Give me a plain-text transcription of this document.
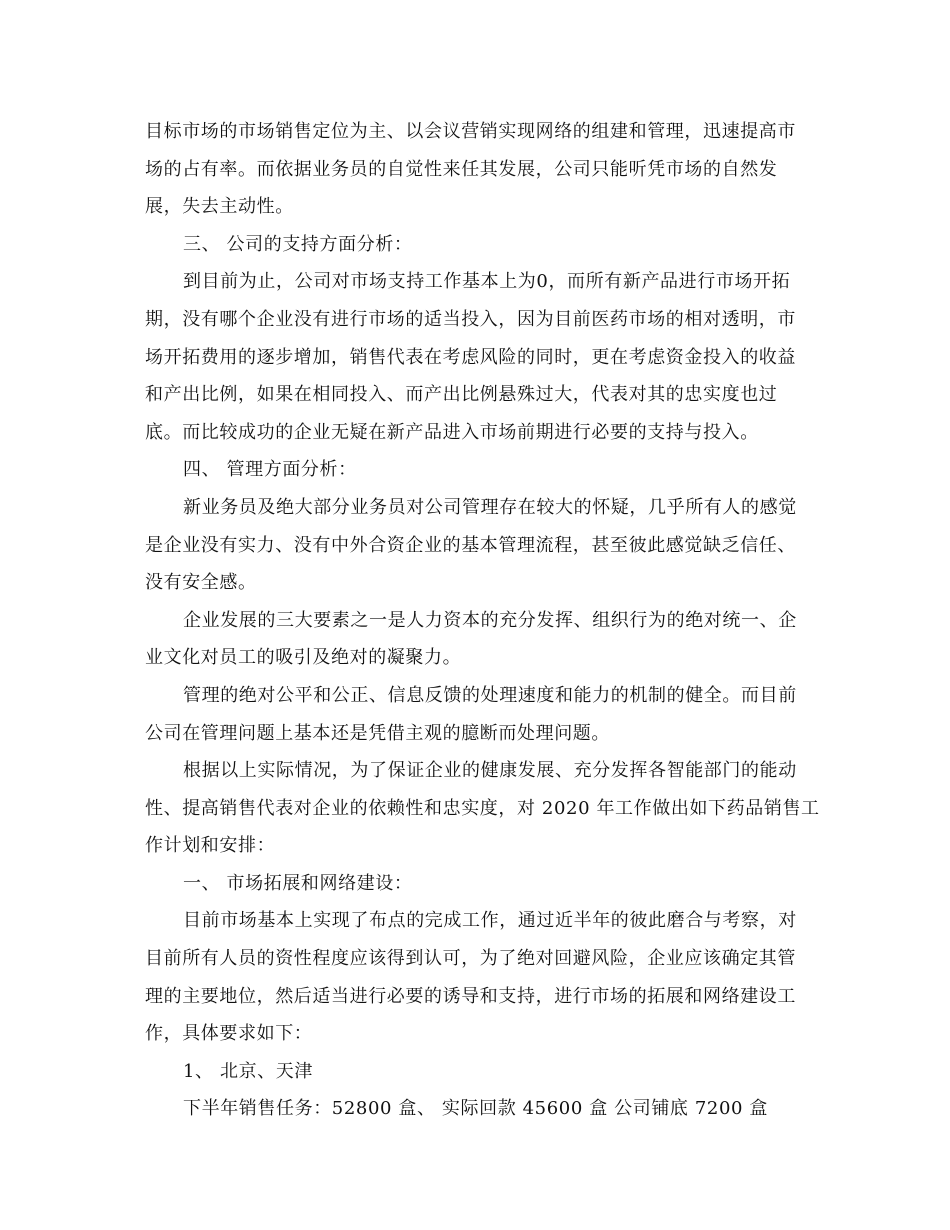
目标市场的市场销售定位为主、以会议营销实现网络的组建和管理，迅速提高市
场的占有率。而依据业务员的自觉性来任其发展，公司只能听凭市场的自然发
展，失去主动性。
三、 公司的支持方面分析：
到目前为止，公司对市场支持工作基本上为0，而所有新产品进行市场开拓
期，没有哪个企业没有进行市场的适当投入，因为目前医药市场的相对透明，市
场开拓费用的逐步增加，销售代表在考虑风险的同时，更在考虑资金投入的收益
和产出比例，如果在相同投入、而产出比例悬殊过大，代表对其的忠实度也过
底。而比较成功的企业无疑在新产品进入市场前期进行必要的支持与投入。
四、 管理方面分析：
新业务员及绝大部分业务员对公司管理存在较大的怀疑，几乎所有人的感觉
是企业没有实力、没有中外合资企业的基本管理流程，甚至彼此感觉缺乏信任、
没有安全感。
企业发展的三大要素之一是人力资本的充分发挥、组织行为的绝对统一、企
业文化对员工的吸引及绝对的凝聚力。
管理的绝对公平和公正、信息反馈的处理速度和能力的机制的健全。而目前
公司在管理问题上基本还是凭借主观的臆断而处理问题。
根据以上实际情况，为了保证企业的健康发展、充分发挥各智能部门的能动
性、提高销售代表对企业的依赖性和忠实度，对 2020 年工作做出如下药品销售工
作计划和安排：
一、 市场拓展和网络建设：
目前市场基本上实现了布点的完成工作，通过近半年的彼此磨合与考察，对
目前所有人员的资性程度应该得到认可，为了绝对回避风险，企业应该确定其管
理的主要地位，然后适当进行必要的诱导和支持，进行市场的拓展和网络建设工
作，具体要求如下：
1、 北京、天津
下半年销售任务：52800 盒、 实际回款 45600 盒 公司铺底 7200 盒
